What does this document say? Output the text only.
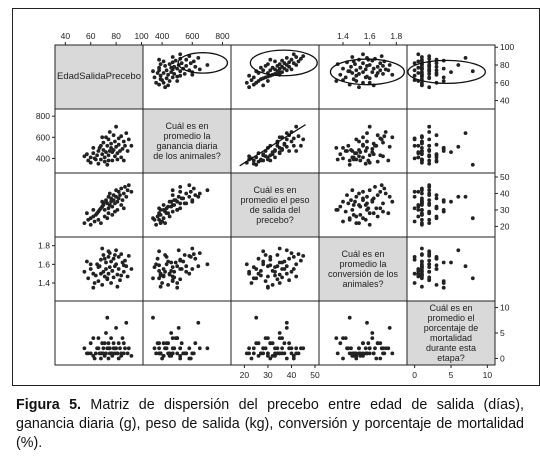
40
40
60
60
80
80
100
100
400
400
600
600
800
800
20
20
30
30
40
40
50
50
1.4
1.4
1.6
1.6
1.8
1.8
0
0
5
5
10
10
EdadSalidaPrecebo
Cuál es en promedio la ganancia diaria de los animales?
Cuál es en promedio el peso de salida del precebo?
Cuál es en promedio la conversión de los animales?
Cuál es en promedio el porcentaje de mortalidad durante esta etapa?
Figura 5. Matriz de dispersión del precebo entre edad de salida (días), ganancia diaria (g), peso de salida (kg), conversión y porcentaje de mortalidad (%).
